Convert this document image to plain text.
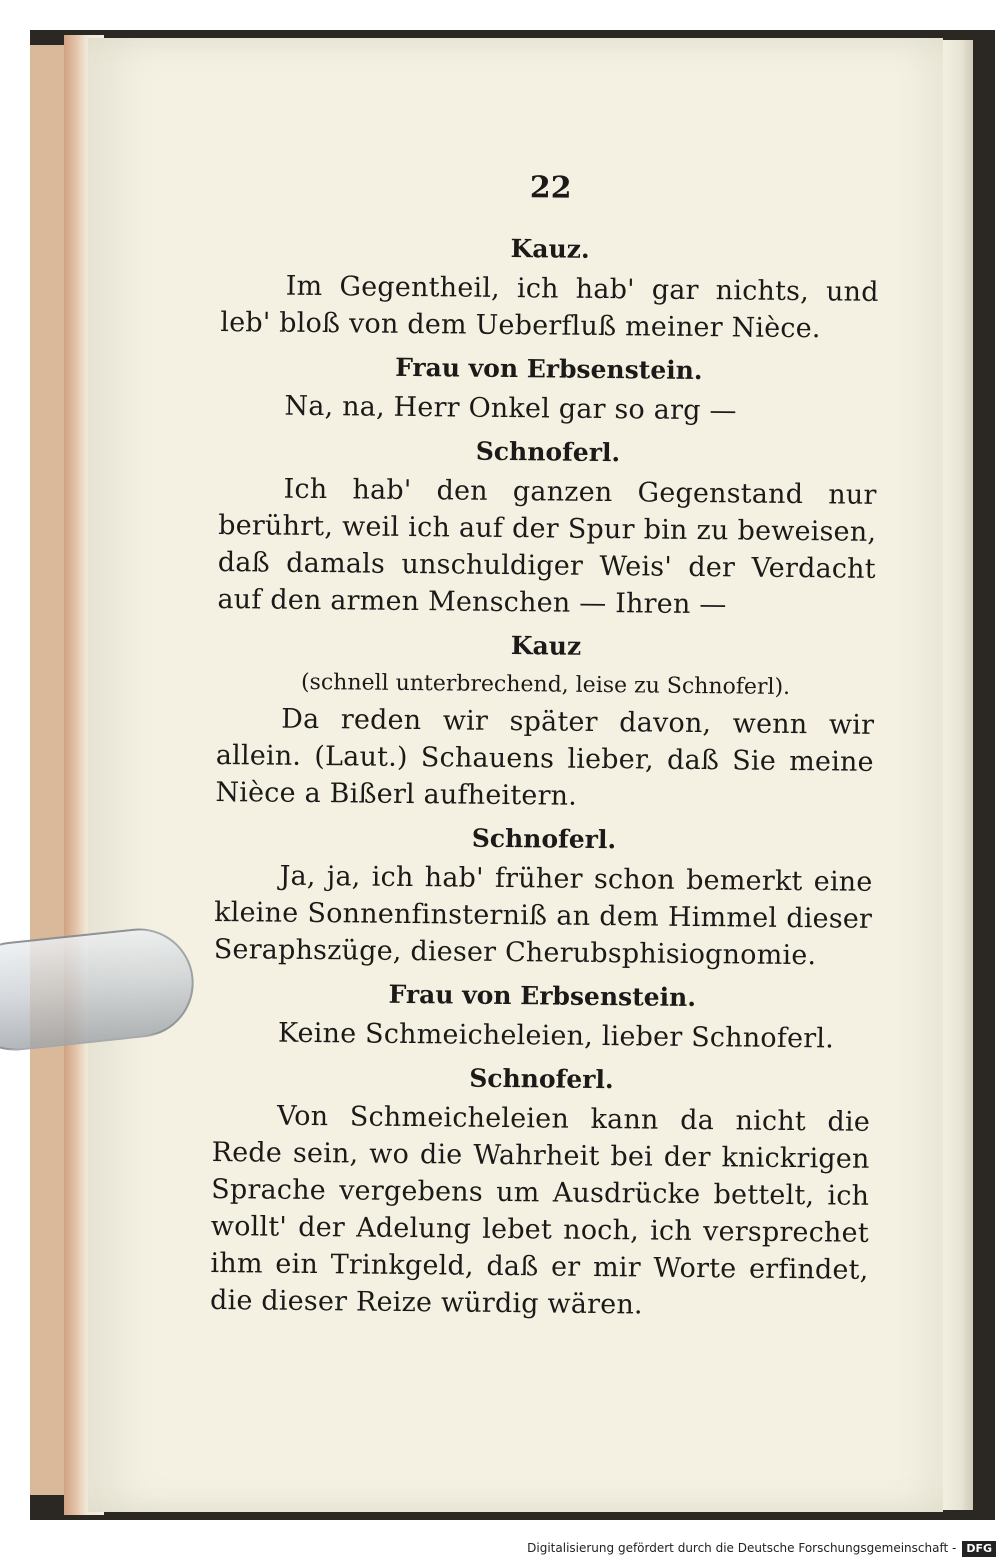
22

Kauz.

Im Gegentheil, ich hab' gar nichts, und leb' bloß von dem Ueberfluß meiner Nièce.

Frau von Erbsenstein.

Na, na, Herr Onkel gar so arg —

Schnoferl.

Ich hab' den ganzen Gegenstand nur berührt, weil ich auf der Spur bin zu beweisen, daß damals unschuldiger Weis' der Verdacht auf den armen Menschen — Ihren —

Kauz

(schnell unterbrechend, leise zu Schnoferl).

Da reden wir später davon, wenn wir allein. (Laut.) Schauens lieber, daß Sie meine Nièce a Bißerl aufheitern.

Schnoferl.

Ja, ja, ich hab' früher schon bemerkt eine kleine Sonnenfinsterniß an dem Himmel dieser Seraphszüge, dieser Cherubsphisiognomie.

Frau von Erbsenstein.

Keine Schmeicheleien, lieber Schnoferl.

Schnoferl.

Von Schmeicheleien kann da nicht die Rede sein, wo die Wahrheit bei der knickrigen Sprache vergebens um Ausdrücke bettelt, ich wollt' der Adelung lebet noch, ich versprechet ihm ein Trinkgeld, daß er mir Worte erfindet, die dieser Reize würdig wären.

Digitalisierung gefördert durch die Deutsche Forschungsgemeinschaft - DFG
